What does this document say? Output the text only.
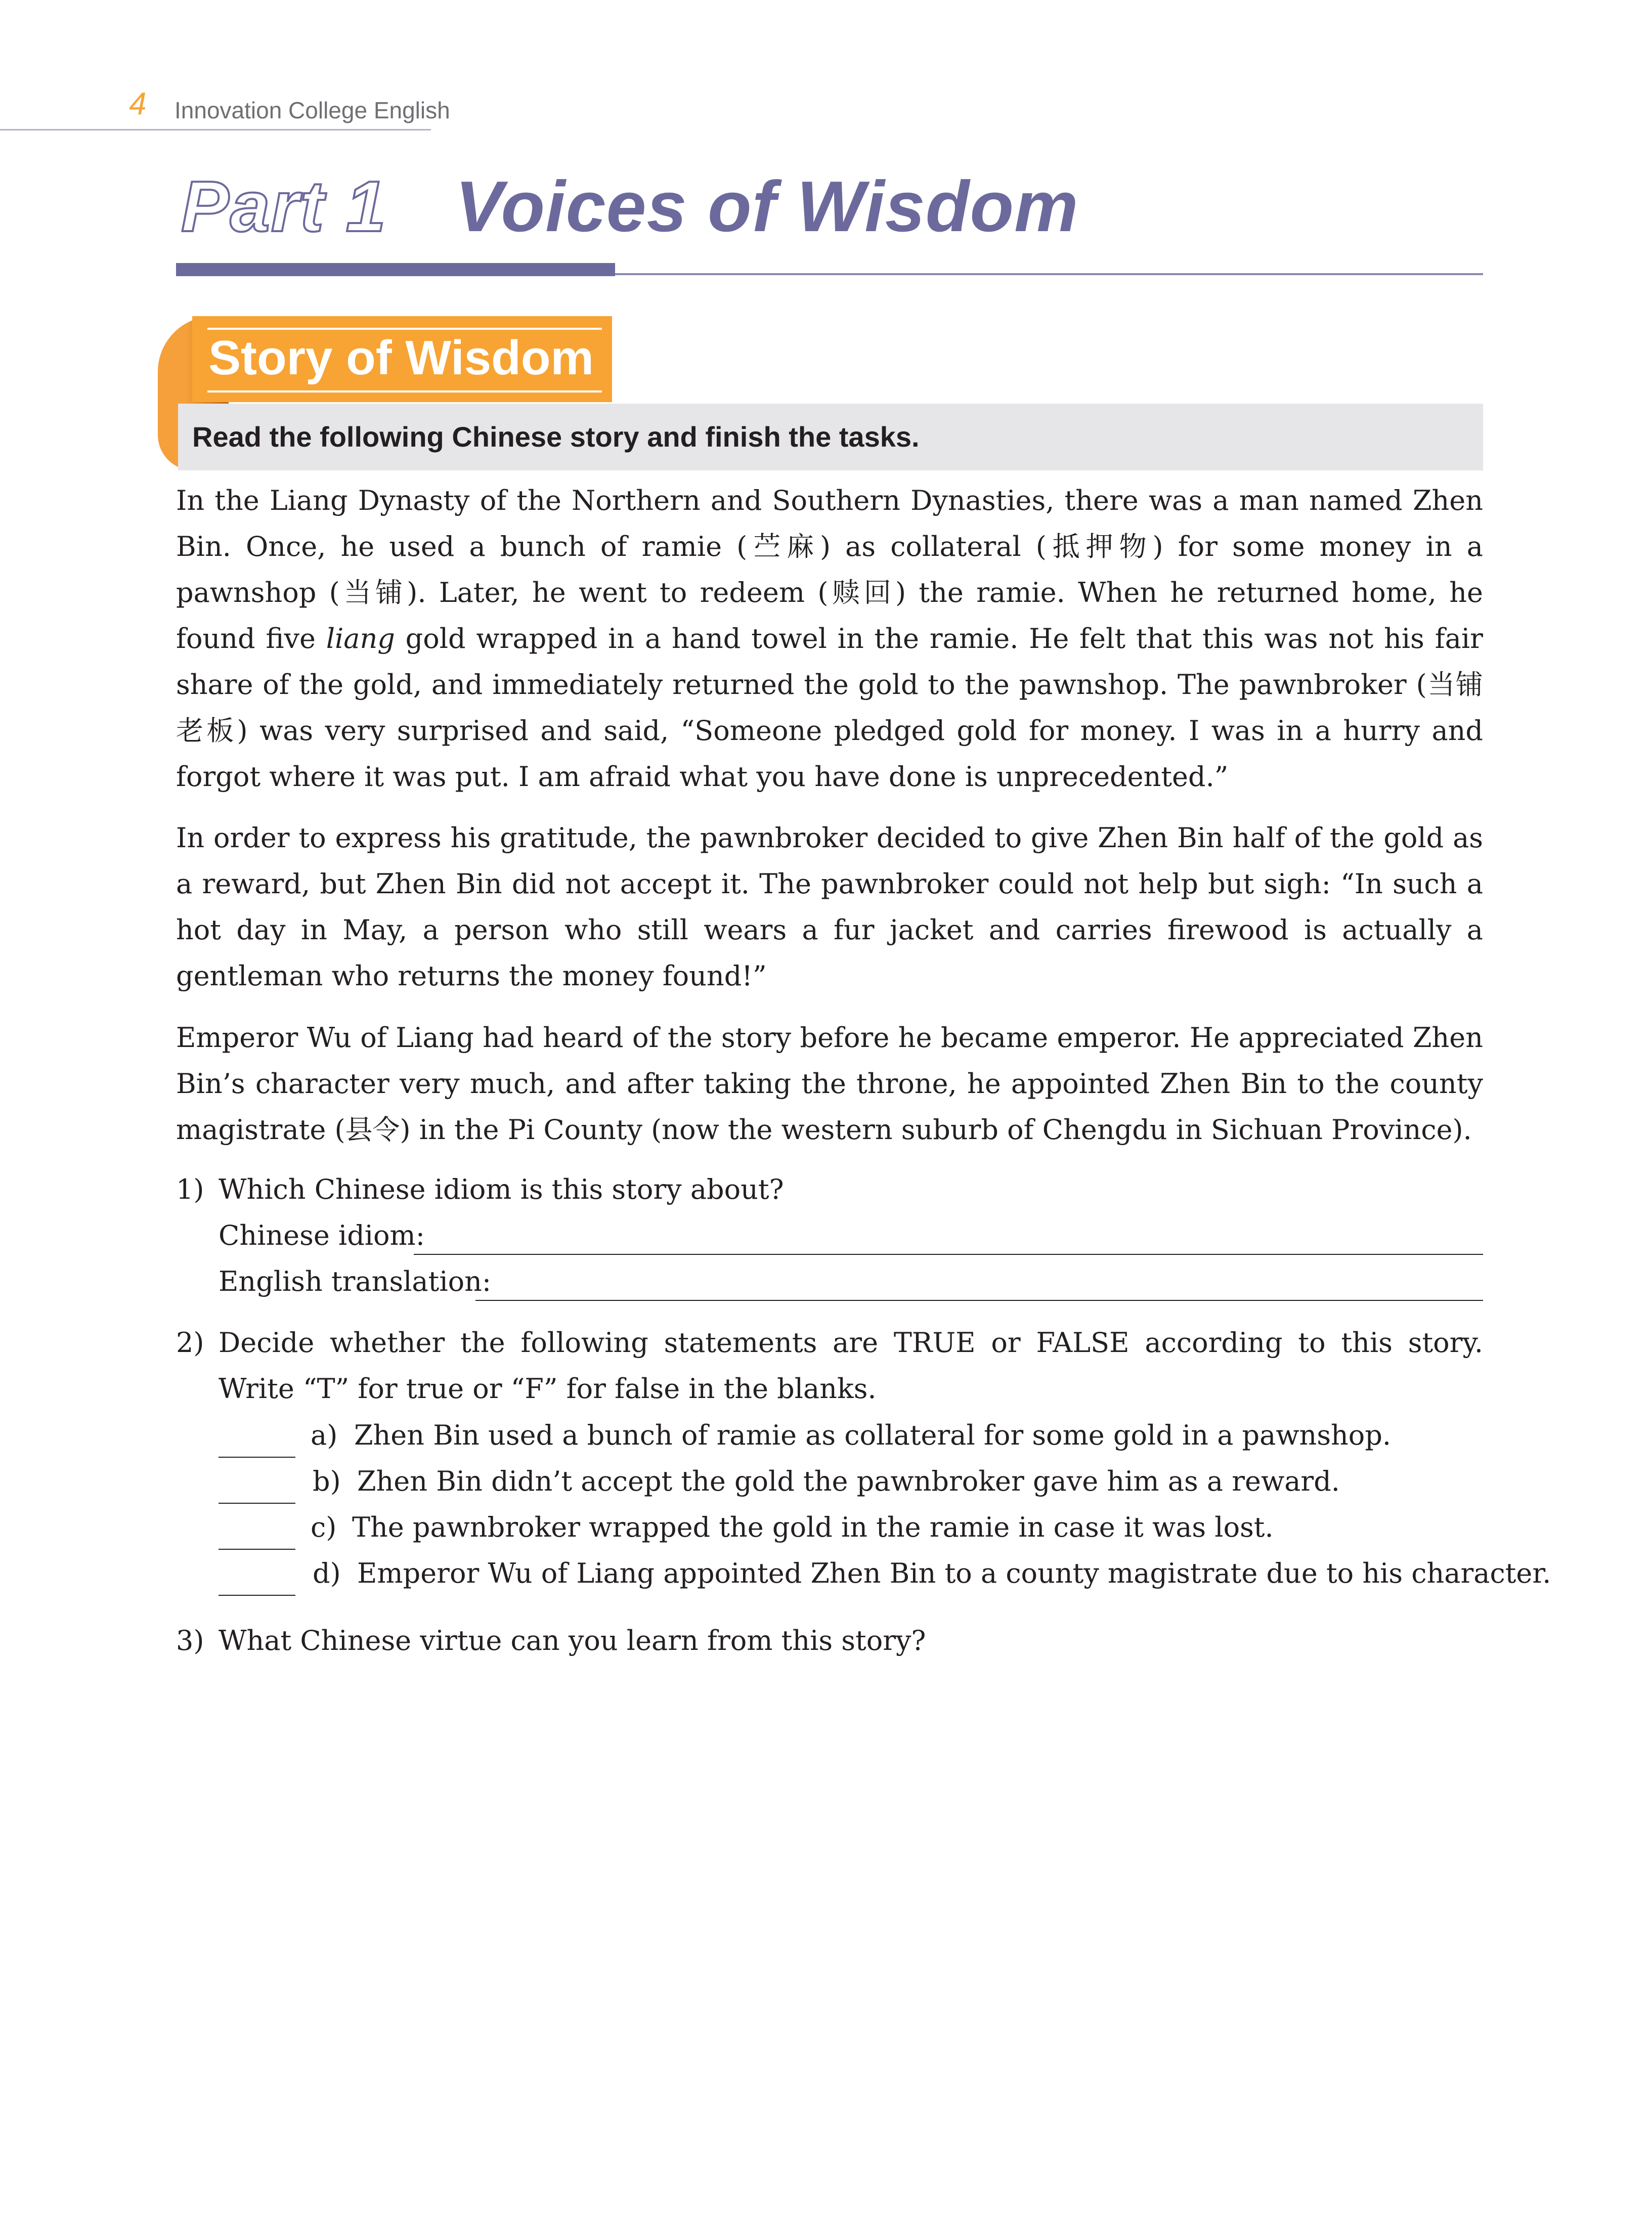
4 Innovation College English
Part 1 Voices of Wisdom
Story of Wisdom
Read the following Chinese story and finish the tasks.

In the Liang Dynasty of the Northern and Southern Dynasties, there was a man named Zhen Bin. Once, he used a bunch of ramie (苎麻) as collateral (抵押物) for some money in a pawnshop (当铺). Later, he went to redeem (赎回) the ramie. When he returned home, he found five liang gold wrapped in a hand towel in the ramie. He felt that this was not his fair share of the gold, and immediately returned the gold to the pawnshop. The pawnbroker (当铺老板) was very surprised and said, “Someone pledged gold for money. I was in a hurry and forgot where it was put. I am afraid what you have done is unprecedented.”

In order to express his gratitude, the pawnbroker decided to give Zhen Bin half of the gold as a reward, but Zhen Bin did not accept it. The pawnbroker could not help but sigh: “In such a hot day in May, a person who still wears a fur jacket and carries firewood is actually a gentleman who returns the money found!”

Emperor Wu of Liang had heard of the story before he became emperor. He appreciated Zhen Bin’s character very much, and after taking the throne, he appointed Zhen Bin to the county magistrate (县令) in the Pi County (now the western suburb of Chengdu in Sichuan Province).

1) Which Chinese idiom is this story about?
Chinese idiom:
English translation:
2) Decide whether the following statements are TRUE or FALSE according to this story. Write “T” for true or “F” for false in the blanks.
a) Zhen Bin used a bunch of ramie as collateral for some gold in a pawnshop.
b) Zhen Bin didn’t accept the gold the pawnbroker gave him as a reward.
c) The pawnbroker wrapped the gold in the ramie in case it was lost.
d) Emperor Wu of Liang appointed Zhen Bin to a county magistrate due to his character.
3) What Chinese virtue can you learn from this story?
